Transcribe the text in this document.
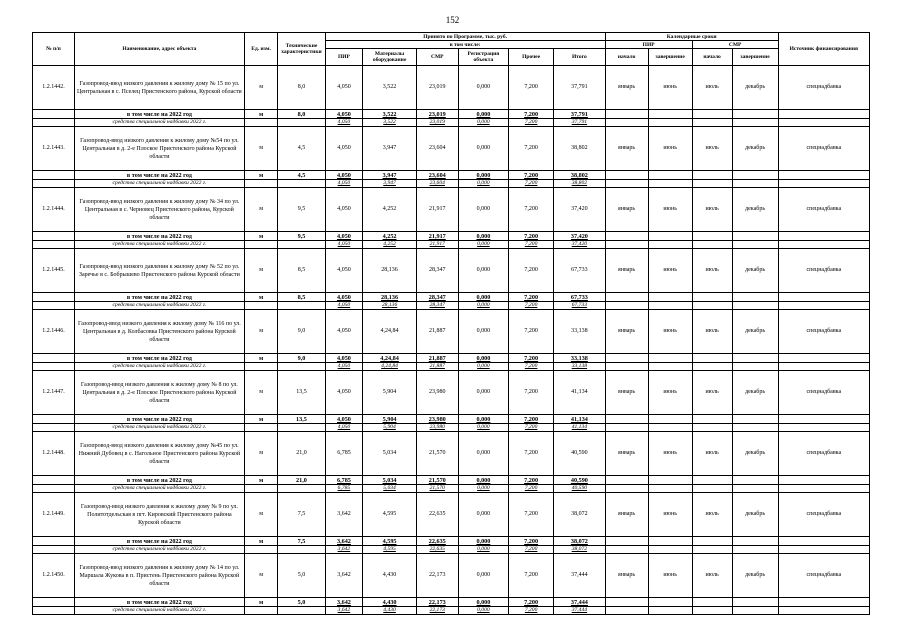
152
№ п/п	Наименование, адрес объекта	Ед. изм.	Технические характеристики	Принято по Программе, тыс. руб.						Календарные сроки				Источник финансирования
				в том числе:						ПИР		СМР		
				ПИР	Материалы оборудование	СМР	Регистрация объекта	Прочее	Итого	начало	завершение	начало	завершение	
1.2.1442.	Газопровод-ввод низкого давления к жилому дому № 15 по ул. Центральная в с. Пселец Пристенского района, Курской области	м	8,0	4,050	3,522	23,019	0,000	7,200	37,791	январь	июнь	июль	декабрь	спецнадбавка
	в том числе на 2022 год	м	8,0	4,050	3,522	23,019	0,000	7,200	37,791					
	средства специальной надбавки 2022 г.			4,050	3,522	23,019	0,000	7,200	37,791					
1.2.1443.	Газопровод-ввод низкого давления к жилому дому №54 по ул. Центральная в д. 2-е Плоское Пристенского района Курской области	м	4,5	4,050	3,947	23,604	0,000	7,200	38,802	январь	июнь	июль	декабрь	спецнадбавка
	в том числе на 2022 год	м	4,5	4,050	3,947	23,604	0,000	7,200	38,802					
	средства специальной надбавки 2022 г.			4,050	3,947	23,604	0,000	7,200	38,802					
1.2.1444.	Газопровод-ввод низкого давления к жилому дому № 34 по ул. Центральная в с. Черновец Пристенского района, Курской области	м	9,5	4,050	4,252	21,917	0,000	7,200	37,420	январь	июнь	июль	декабрь	спецнадбавка
	в том числе на 2022 год	м	9,5	4,050	4,252	21,917	0,000	7,200	37,420					
	средства специальной надбавки 2022 г.			4,050	4,252	21,917	0,000	7,200	37,420					
1.2.1445.	Газопровод-ввод низкого давления к жилому дому № 52 по ул. Заречье в с. Бобрышево Пристенского района Курской области	м	8,5	4,050	28,136	28,347	0,000	7,200	67,733	январь	июнь	июль	декабрь	спецнадбавка
	в том числе на 2022 год	м	8,5	4,050	28,136	28,347	0,000	7,200	67,733					
	средства специальной надбавки 2022 г.			4,050	28,136	28,347	0,000	7,200	67,733					
1.2.1446.	Газопровод-ввод низкого давления к жилому дому № 116 по ул. Центральная в д. Колбасовка Пристенского района Курской области	м	9,0	4,050	4,24,84	21,887	0,000	7,200	33,138	январь	июнь	июль	декабрь	спецнадбавка
	в том числе на 2022 год	м	9,0	4,050	4,24,84	21,887	0,000	7,200	33,138					
	средства специальной надбавки 2022 г.			4,050	4,24,84	21,887	0,000	7,200	33,138					
1.2.1447.	Газопровод-ввод низкого давления к жилому дому № 8 по ул. Центральная в д. 2-е Плоское Пристенского района Курской области	м	13,5	4,050	5,904	23,980	0,000	7,200	41,134	январь	июнь	июль	декабрь	спецнадбавка
	в том числе на 2022 год	м	13,5	4,050	5,904	23,980	0,000	7,200	41,134					
	средства специальной надбавки 2022 г.			4,050	5,904	23,980	0,000	7,200	41,134					
1.2.1448.	Газопровод-ввод низкого давления к жилому дому №45 по ул. Нижний Дубовец в с. Нагольное Пристенского района Курской области	м	21,0	6,785	5,034	21,570	0,000	7,200	40,590	январь	июнь	июль	декабрь	спецнадбавка
	в том числе на 2022 год	м	21,0	6,785	5,034	21,570	0,000	7,200	40,590					
	средства специальной надбавки 2022 г.			6,785	5,034	21,570	0,000	7,200	40,590					
1.2.1449.	Газопровод-ввод низкого давления к жилому дому № 9 по ул. Политотдельская в пгт. Кировский Пристенского района Курской области	м	7,5	3,642	4,595	22,635	0,000	7,200	38,072	январь	июнь	июль	декабрь	спецнадбавка
	в том числе на 2022 год	м	7,5	3,642	4,595	22,635	0,000	7,200	38,072					
	средства специальной надбавки 2022 г.			3,642	4,595	22,635	0,000	7,200	38,072					
1.2.1450.	Газопровод-ввод низкого давления к жилому дому № 14 по ул. Маршала Жукова в п. Пристень Пристенского района Курской области	м	5,0	3,642	4,430	22,173	0,000	7,200	37,444	январь	июнь	июль	декабрь	спецнадбавка
	в том числе на 2022 год	м	5,0	3,642	4,430	22,173	0,000	7,200	37,444					
	средства специальной надбавки 2022 г.			3,642	4,430	22,173	0,000	7,200	37,444					
